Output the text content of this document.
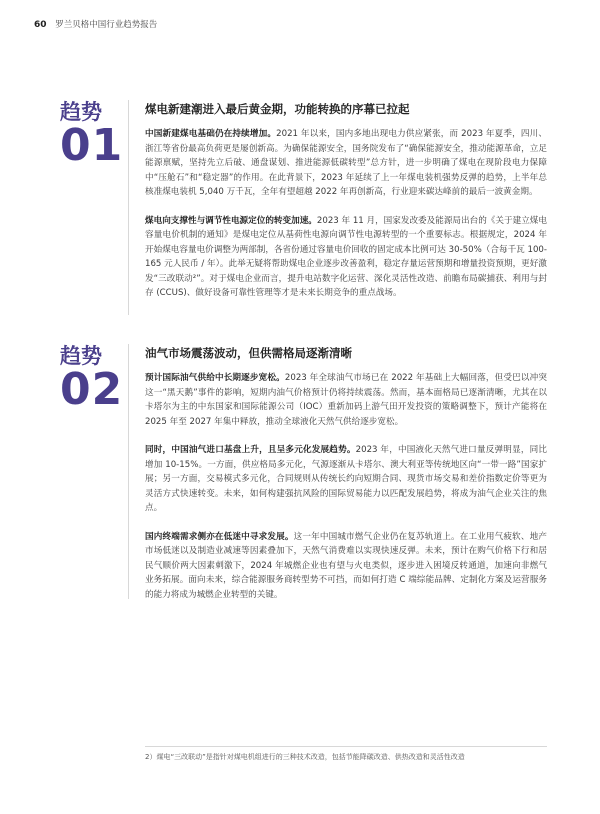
60 罗兰贝格中国行业趋势报告
趋势
01
煤电新建潮进入最后黄金期，功能转换的序幕已拉起

中国新建煤电基础仍在持续增加。2021 年以来，国内多地出现电力供应紧张，而 2023 年夏季，四川、浙江等省份最高负荷更是屡创新高。为确保能源安全，国务院发布了“确保能源安全，推动能源革命，立足能源禀赋，坚持先立后破、通盘谋划、推进能源低碳转型”总方针，进一步明确了煤电在现阶段电力保障中“压舱石”和“稳定器”的作用。在此背景下，2023 年延续了上一年煤电装机强势反弹的趋势，上半年总核准煤电装机 5,040 万千瓦，全年有望超越 2022 年再创新高，行业迎来碳达峰前的最后一波黄金期。

煤电向支撑性与调节性电源定位的转变加速。2023 年 11 月，国家发改委及能源局出台的《关于建立煤电容量电价机制的通知》是煤电定位从基荷性电源向调节性电源转型的一个重要标志。根据规定，2024 年开始煤电容量电价调整为两部制，各省份通过容量电价回收的固定成本比例可达 30-50%（合每千瓦 100-165 元人民币 / 年）。此举无疑将帮助煤电企业逐步改善盈利，稳定存量运营预期和增量投资预期，更好激发“三改联动²”。对于煤电企业而言，提升电站数字化运营、深化灵活性改造、前瞻布局碳捕获、利用与封存 (CCUS)、做好设备可靠性管理等才是未来长期竞争的重点战场。

趋势
02
油气市场震荡波动，但供需格局逐渐清晰

预计国际油气供给中长期逐步宽松。2023 年全球油气市场已在 2022 年基础上大幅回落，但受巴以冲突这一“黑天鹅”事件的影响，短期内油气价格预计仍将持续震荡。然而，基本面格局已逐渐清晰，尤其在以卡塔尔为主的中东国家和国际能源公司（IOC）重新加码上游气田开发投资的策略调整下，预计产能将在 2025 年至 2027 年集中释放，推动全球液化天然气供给逐步宽松。

同时，中国油气进口基盘上升，且呈多元化发展趋势。2023 年，中国液化天然气进口量反弹明显，同比增加 10-15%。一方面，供应格局多元化，气源逐渐从卡塔尔、澳大利亚等传统地区向“一带一路”国家扩展；另一方面，交易模式多元化，合同规则从传统长约向短期合同、现货市场交易和差价指数定价等更为灵活方式快速转变。未来，如何构建强抗风险的国际贸易能力以匹配发展趋势，将成为油气企业关注的焦点。

国内终端需求侧亦在低迷中寻求发展。这一年中国城市燃气企业仍在复苏轨道上。在工业用气疲软、地产市场低迷以及制造业减速等因素叠加下，天然气消费难以实现快速反弹。未来，预计在购气价格下行和居民气顺价两大因素刺激下，2024 年城燃企业也有望与火电类似，逐步进入困境反转通道，加速向非燃气业务拓展。面向未来，综合能源服务商转型势不可挡，而如何打造 C 端综能品牌、定制化方案及运营服务的能力将成为城燃企业转型的关键。

2）煤电“三改联动”是指针对煤电机组进行的三种技术改造，包括节能降碳改造、供热改造和灵活性改造
